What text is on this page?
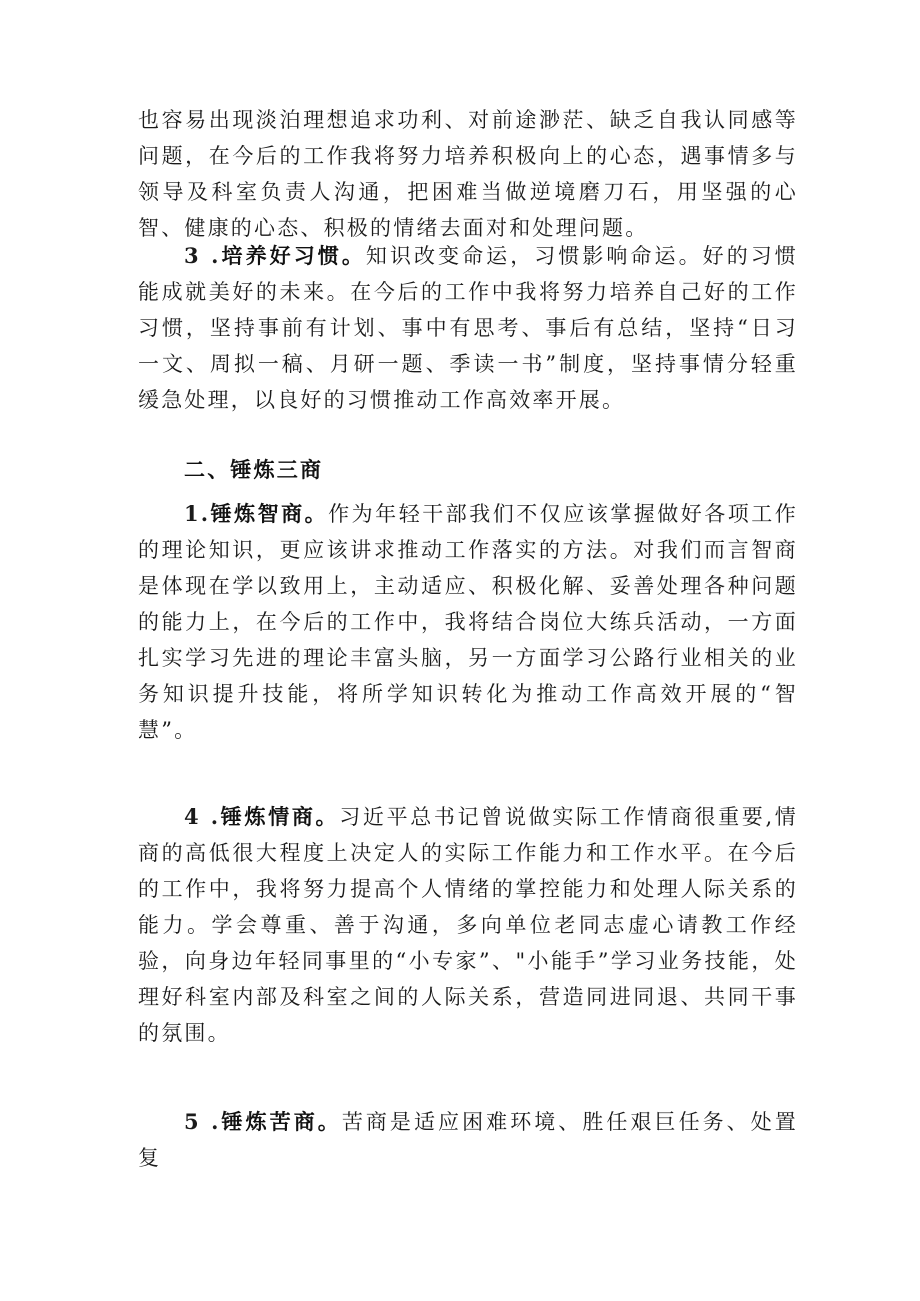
也容易出现淡泊理想追求功利、对前途渺茫、缺乏自我认同感等问题，在今后的工作我将努力培养积极向上的心态，遇事情多与领导及科室负责人沟通，把困难当做逆境磨刀石，用坚强的心智、健康的心态、积极的情绪去面对和处理问题。

3 .培养好习惯。知识改变命运，习惯影响命运。好的习惯能成就美好的未来。在今后的工作中我将努力培养自己好的工作习惯，坚持事前有计划、事中有思考、事后有总结，坚持“日习一文、周拟一稿、月研一题、季读一书”制度，坚持事情分轻重缓急处理，以良好的习惯推动工作高效率开展。

二、锤炼三商

1.锤炼智商。作为年轻干部我们不仅应该掌握做好各项工作的理论知识，更应该讲求推动工作落实的方法。对我们而言智商是体现在学以致用上，主动适应、积极化解、妥善处理各种问题的能力上，在今后的工作中，我将结合岗位大练兵活动，一方面扎实学习先进的理论丰富头脑，另一方面学习公路行业相关的业务知识提升技能，将所学知识转化为推动工作高效开展的“智慧”。

4 .锤炼情商。习近平总书记曾说做实际工作情商很重要,情商的高低很大程度上决定人的实际工作能力和工作水平。在今后的工作中，我将努力提高个人情绪的掌控能力和处理人际关系的能力。学会尊重、善于沟通，多向单位老同志虚心请教工作经验，向身边年轻同事里的“小专家”、"小能手”学习业务技能，处理好科室内部及科室之间的人际关系，营造同进同退、共同干事的氛围。

5 .锤炼苦商。苦商是适应困难环境、胜任艰巨任务、处置复
